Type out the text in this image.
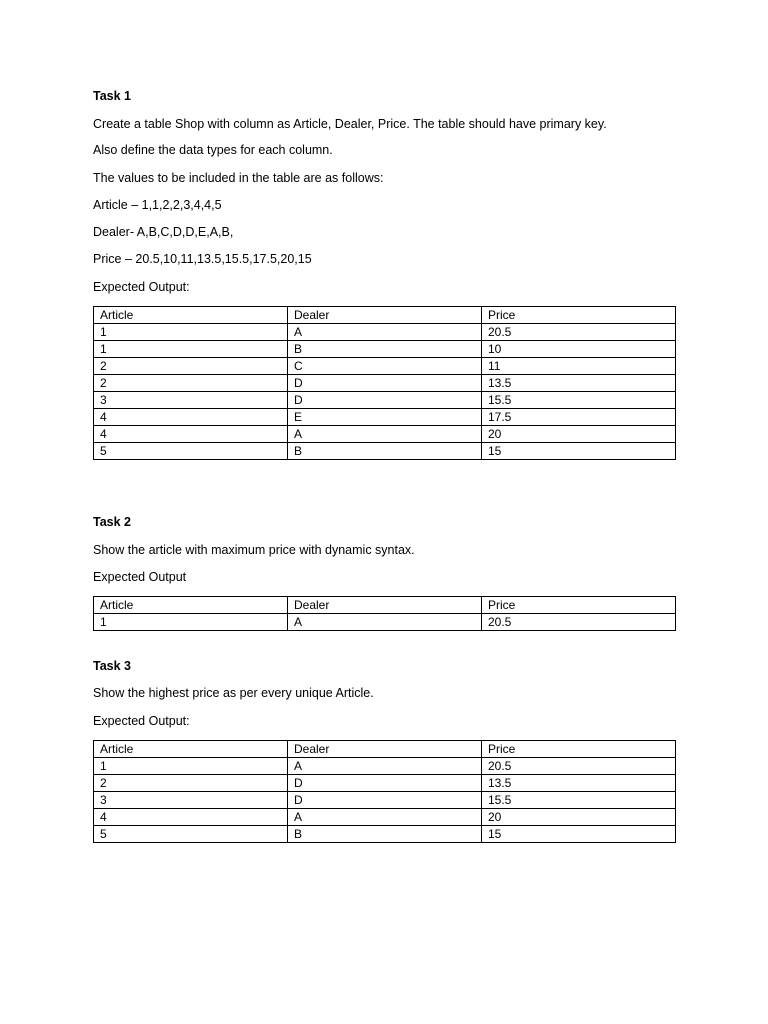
Task 1
Create a table Shop with column as Article, Dealer, Price. The table should have primary key.
Also define the data types for each column.
The values to be included in the table are as follows:
Article – 1,1,2,2,3,4,4,5
Dealer- A,B,C,D,D,E,A,B,
Price – 20.5,10,11,13.5,15.5,17.5,20,15
Expected Output:
Article	Dealer	Price
1	A	20.5
1	B	10
2	C	11
2	D	13.5
3	D	15.5
4	E	17.5
4	A	20
5	B	15
Task 2
Show the article with maximum price with dynamic syntax.
Expected Output
Article	Dealer	Price
1	A	20.5
Task 3
Show the highest price as per every unique Article.
Expected Output:
Article	Dealer	Price
1	A	20.5
2	D	13.5
3	D	15.5
4	A	20
5	B	15
